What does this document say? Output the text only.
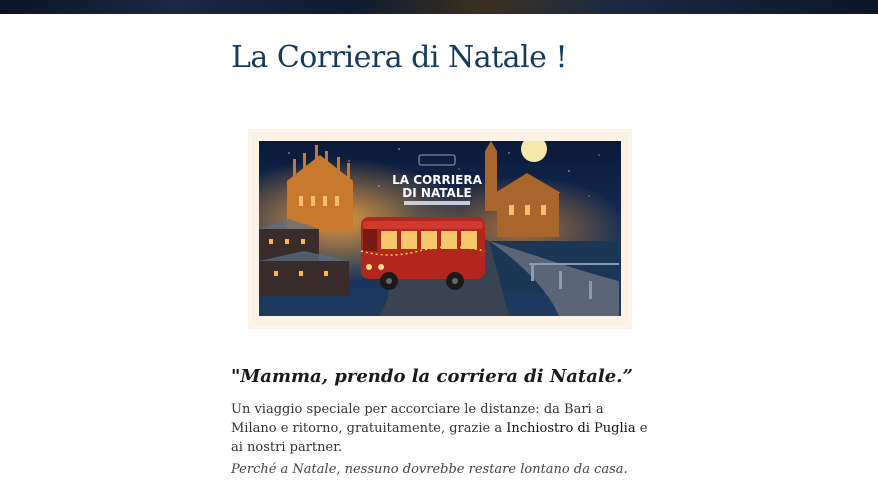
La Corriera di Natale !
LA CORRIERA
DI NATALE
"Mamma, prendo la corriera di Natale.”

Un viaggio speciale per accorciare le distanze: da Bari a Milano e ritorno, gratuitamente, grazie a Inchiostro di Puglia e ai nostri partner.

Perché a Natale, nessuno dovrebbe restare lontano da casa.
